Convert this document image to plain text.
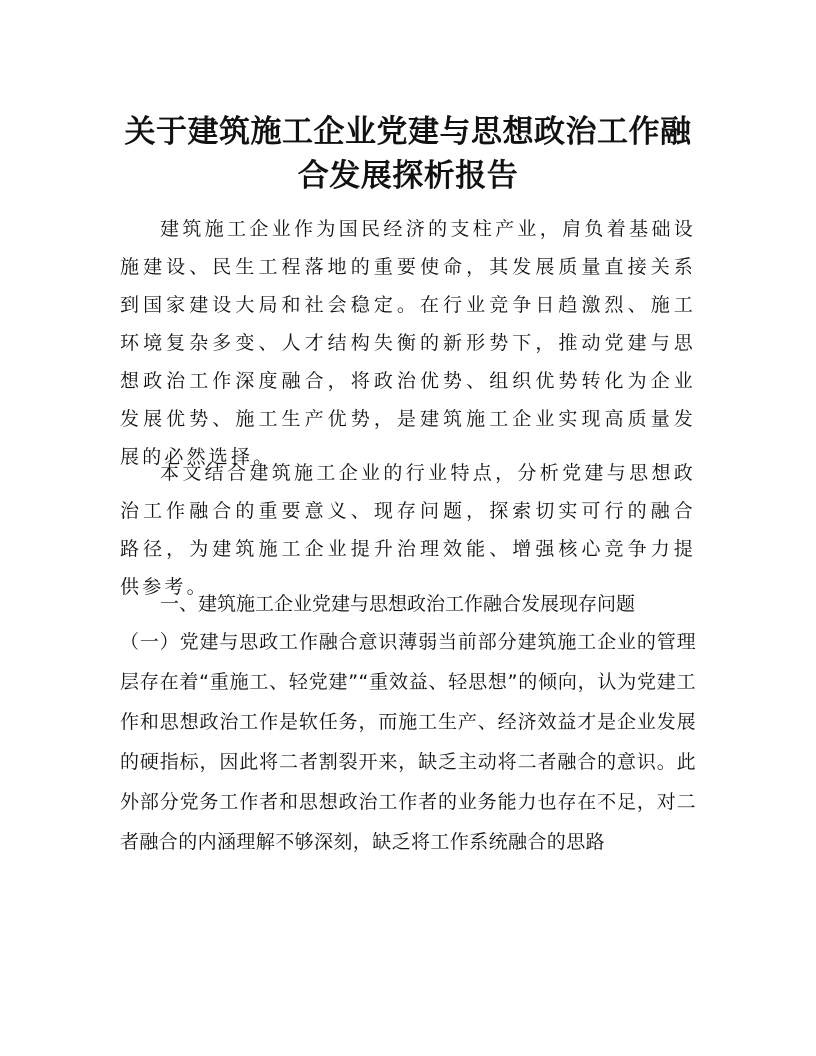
关于建筑施工企业党建与思想政治工作融合发展探析报告

建筑施工企业作为国民经济的支柱产业，肩负着基础设施建设、民生工程落地的重要使命，其发展质量直接关系到国家建设大局和社会稳定。在行业竞争日趋激烈、施工环境复杂多变、人才结构失衡的新形势下，推动党建与思想政治工作深度融合，将政治优势、组织优势转化为企业发展优势、施工生产优势，是建筑施工企业实现高质量发展的必然选择。

本文结合建筑施工企业的行业特点，分析党建与思想政治工作融合的重要意义、现存问题，探索切实可行的融合路径，为建筑施工企业提升治理效能、增强核心竞争力提供参考。

一、建筑施工企业党建与思想政治工作融合发展现存问题

（一）党建与思政工作融合意识薄弱当前部分建筑施工企业的管理层存在着“重施工、轻党建”“重效益、轻思想”的倾向，认为党建工作和思想政治工作是软任务，而施工生产、经济效益才是企业发展的硬指标，因此将二者割裂开来，缺乏主动将二者融合的意识。此外部分党务工作者和思想政治工作者的业务能力也存在不足，对二者融合的内涵理解不够深刻，缺乏将工作系统融合的思路
